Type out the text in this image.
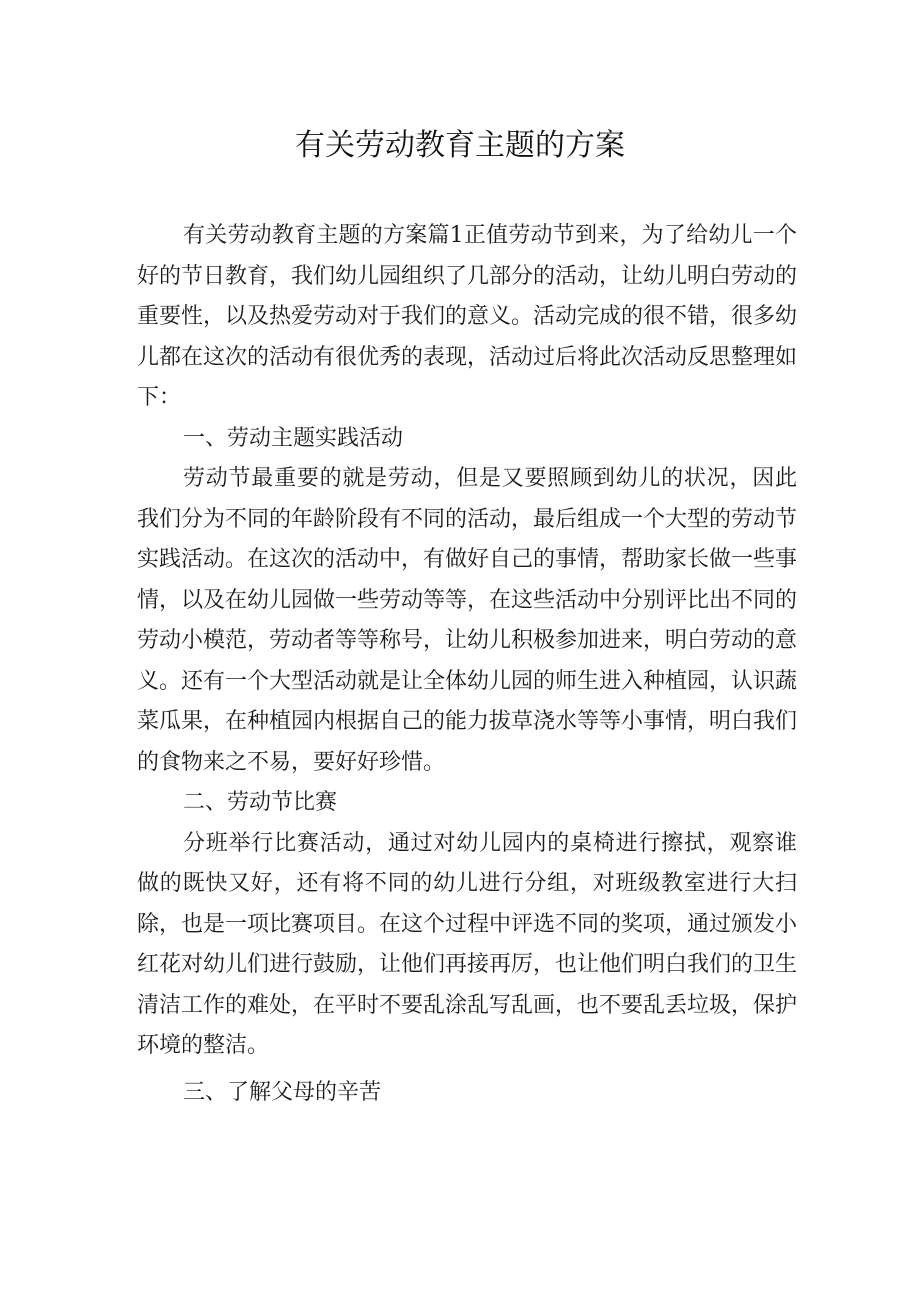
有关劳动教育主题的方案

有关劳动教育主题的方案篇1正值劳动节到来，为了给幼儿一个好的节日教育，我们幼儿园组织了几部分的活动，让幼儿明白劳动的重要性，以及热爱劳动对于我们的意义。活动完成的很不错，很多幼儿都在这次的活动有很优秀的表现，活动过后将此次活动反思整理如下：

一、劳动主题实践活动

劳动节最重要的就是劳动，但是又要照顾到幼儿的状况，因此我们分为不同的年龄阶段有不同的活动，最后组成一个大型的劳动节实践活动。在这次的活动中，有做好自己的事情，帮助家长做一些事情，以及在幼儿园做一些劳动等等，在这些活动中分别评比出不同的劳动小模范，劳动者等等称号，让幼儿积极参加进来，明白劳动的意义。还有一个大型活动就是让全体幼儿园的师生进入种植园，认识蔬菜瓜果，在种植园内根据自己的能力拔草浇水等等小事情，明白我们的食物来之不易，要好好珍惜。

二、劳动节比赛

分班举行比赛活动，通过对幼儿园内的桌椅进行擦拭，观察谁做的既快又好，还有将不同的幼儿进行分组，对班级教室进行大扫除，也是一项比赛项目。在这个过程中评选不同的奖项，通过颁发小红花对幼儿们进行鼓励，让他们再接再厉，也让他们明白我们的卫生清洁工作的难处，在平时不要乱涂乱写乱画，也不要乱丢垃圾，保护环境的整洁。

三、了解父母的辛苦
